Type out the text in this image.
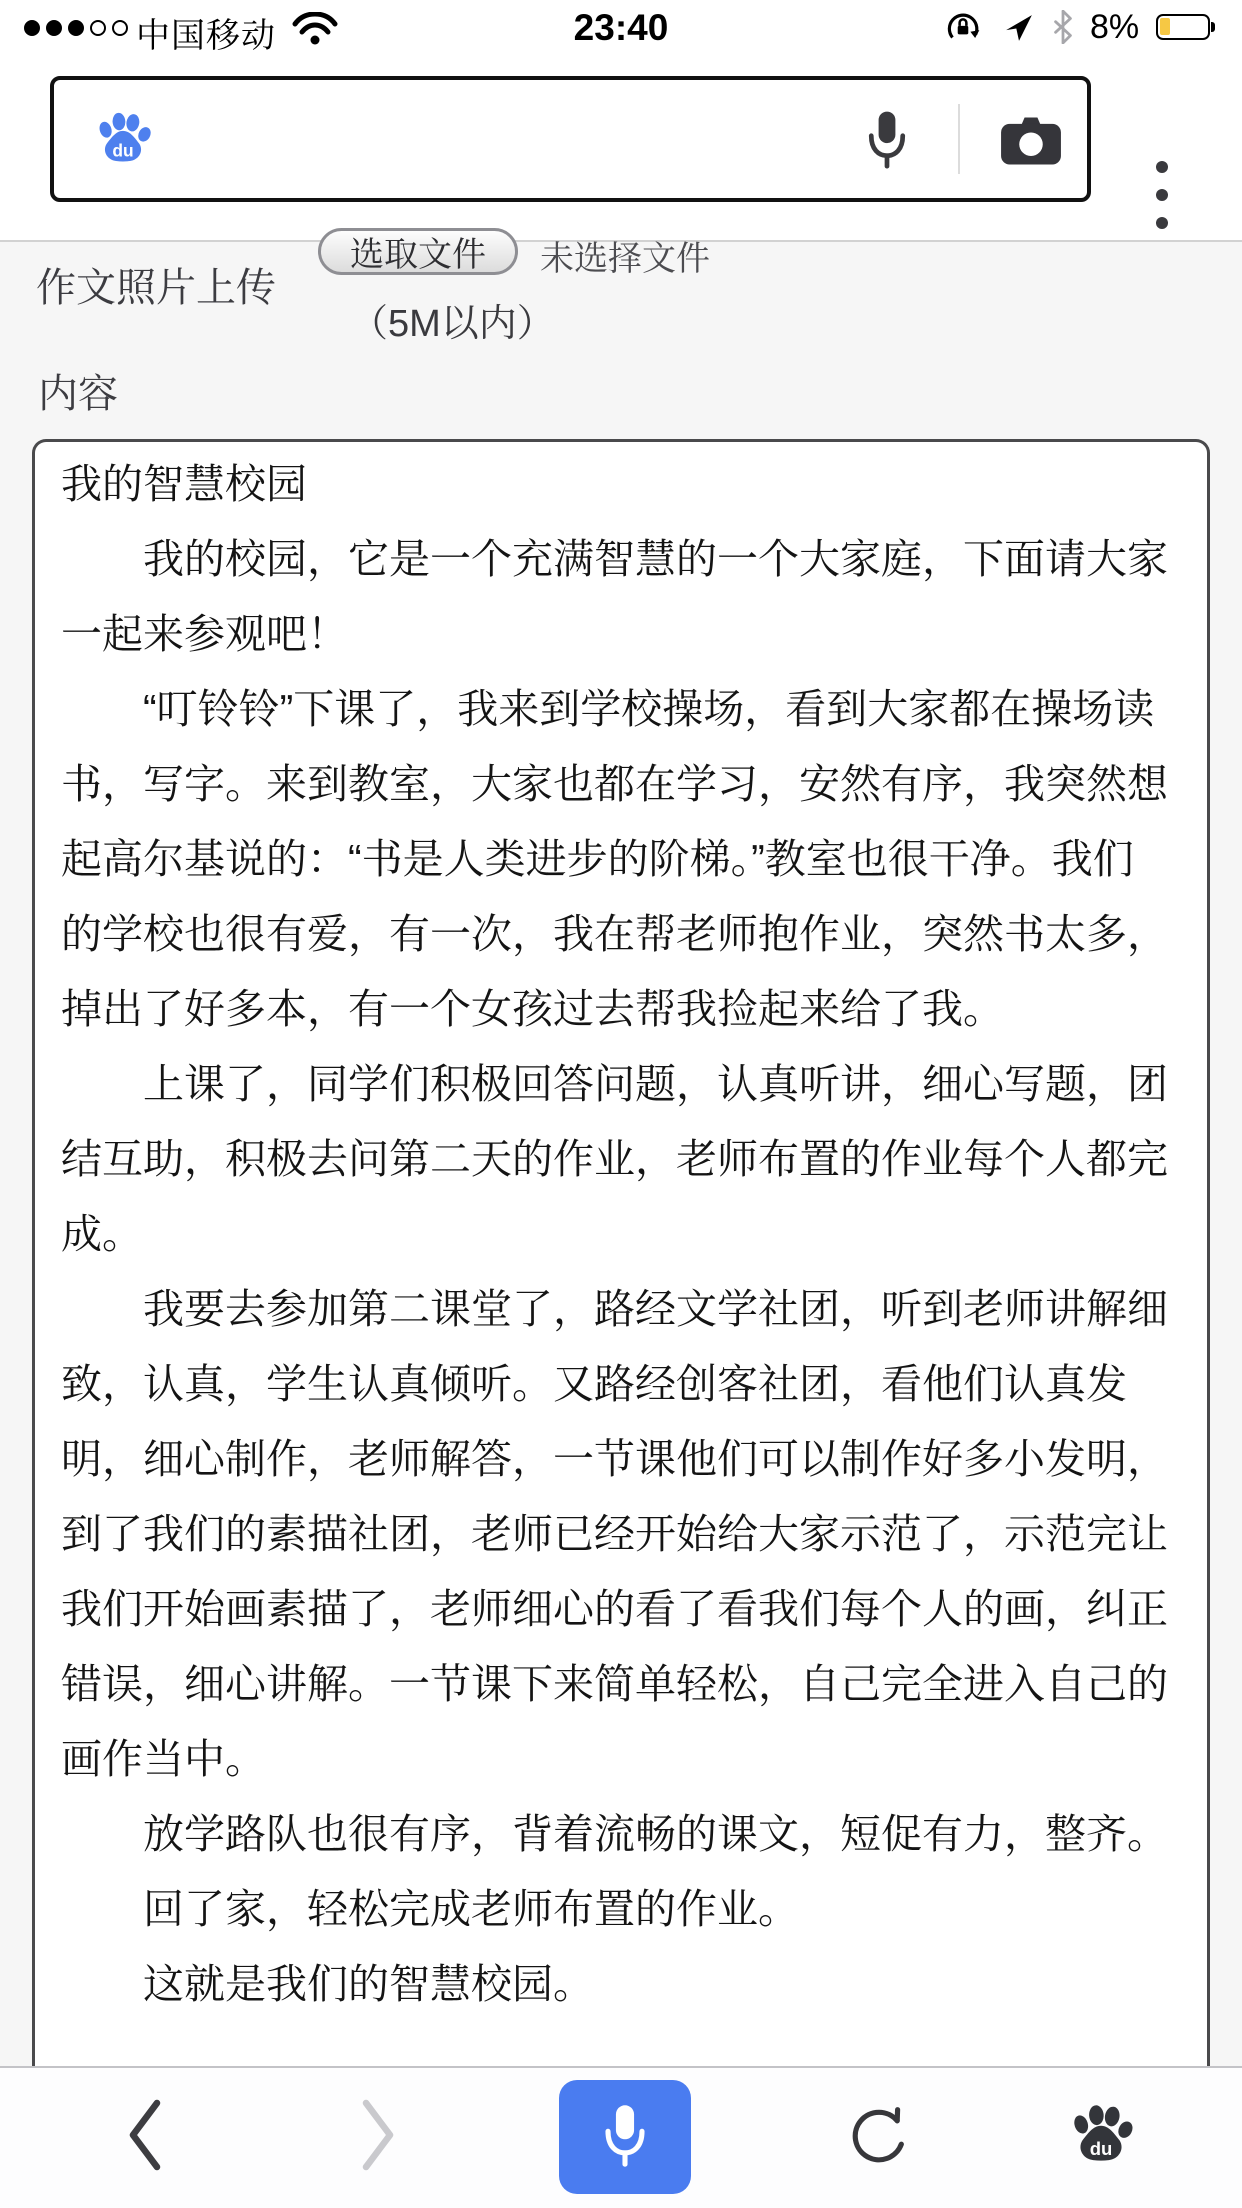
中国移动	23:40	8%
du
作文照片上传
选取文件	未选择文件
（5M以内）
内容
我的智慧校园
　　我的校园，它是一个充满智慧的一个大家庭，下面请大家
一起来参观吧！
　　“叮铃铃”下课了，我来到学校操场，看到大家都在操场读
书，写字。来到教室，大家也都在学习，安然有序，我突然想
起高尔基说的：“书是人类进步的阶梯。”教室也很干净。我们
的学校也很有爱，有一次，我在帮老师抱作业，突然书太多，
掉出了好多本，有一个女孩过去帮我捡起来给了我。
　　上课了，同学们积极回答问题，认真听讲，细心写题，团
结互助，积极去问第二天的作业，老师布置的作业每个人都完
成。
　　我要去参加第二课堂了，路经文学社团，听到老师讲解细
致，认真，学生认真倾听。又路经创客社团，看他们认真发
明，细心制作，老师解答，一节课他们可以制作好多小发明，
到了我们的素描社团，老师已经开始给大家示范了，示范完让
我们开始画素描了，老师细心的看了看我们每个人的画，纠正
错误，细心讲解。一节课下来简单轻松，自己完全进入自己的
画作当中。
　　放学路队也很有序，背着流畅的课文，短促有力，整齐。
　　回了家，轻松完成老师布置的作业。
　　这就是我们的智慧校园。
du
